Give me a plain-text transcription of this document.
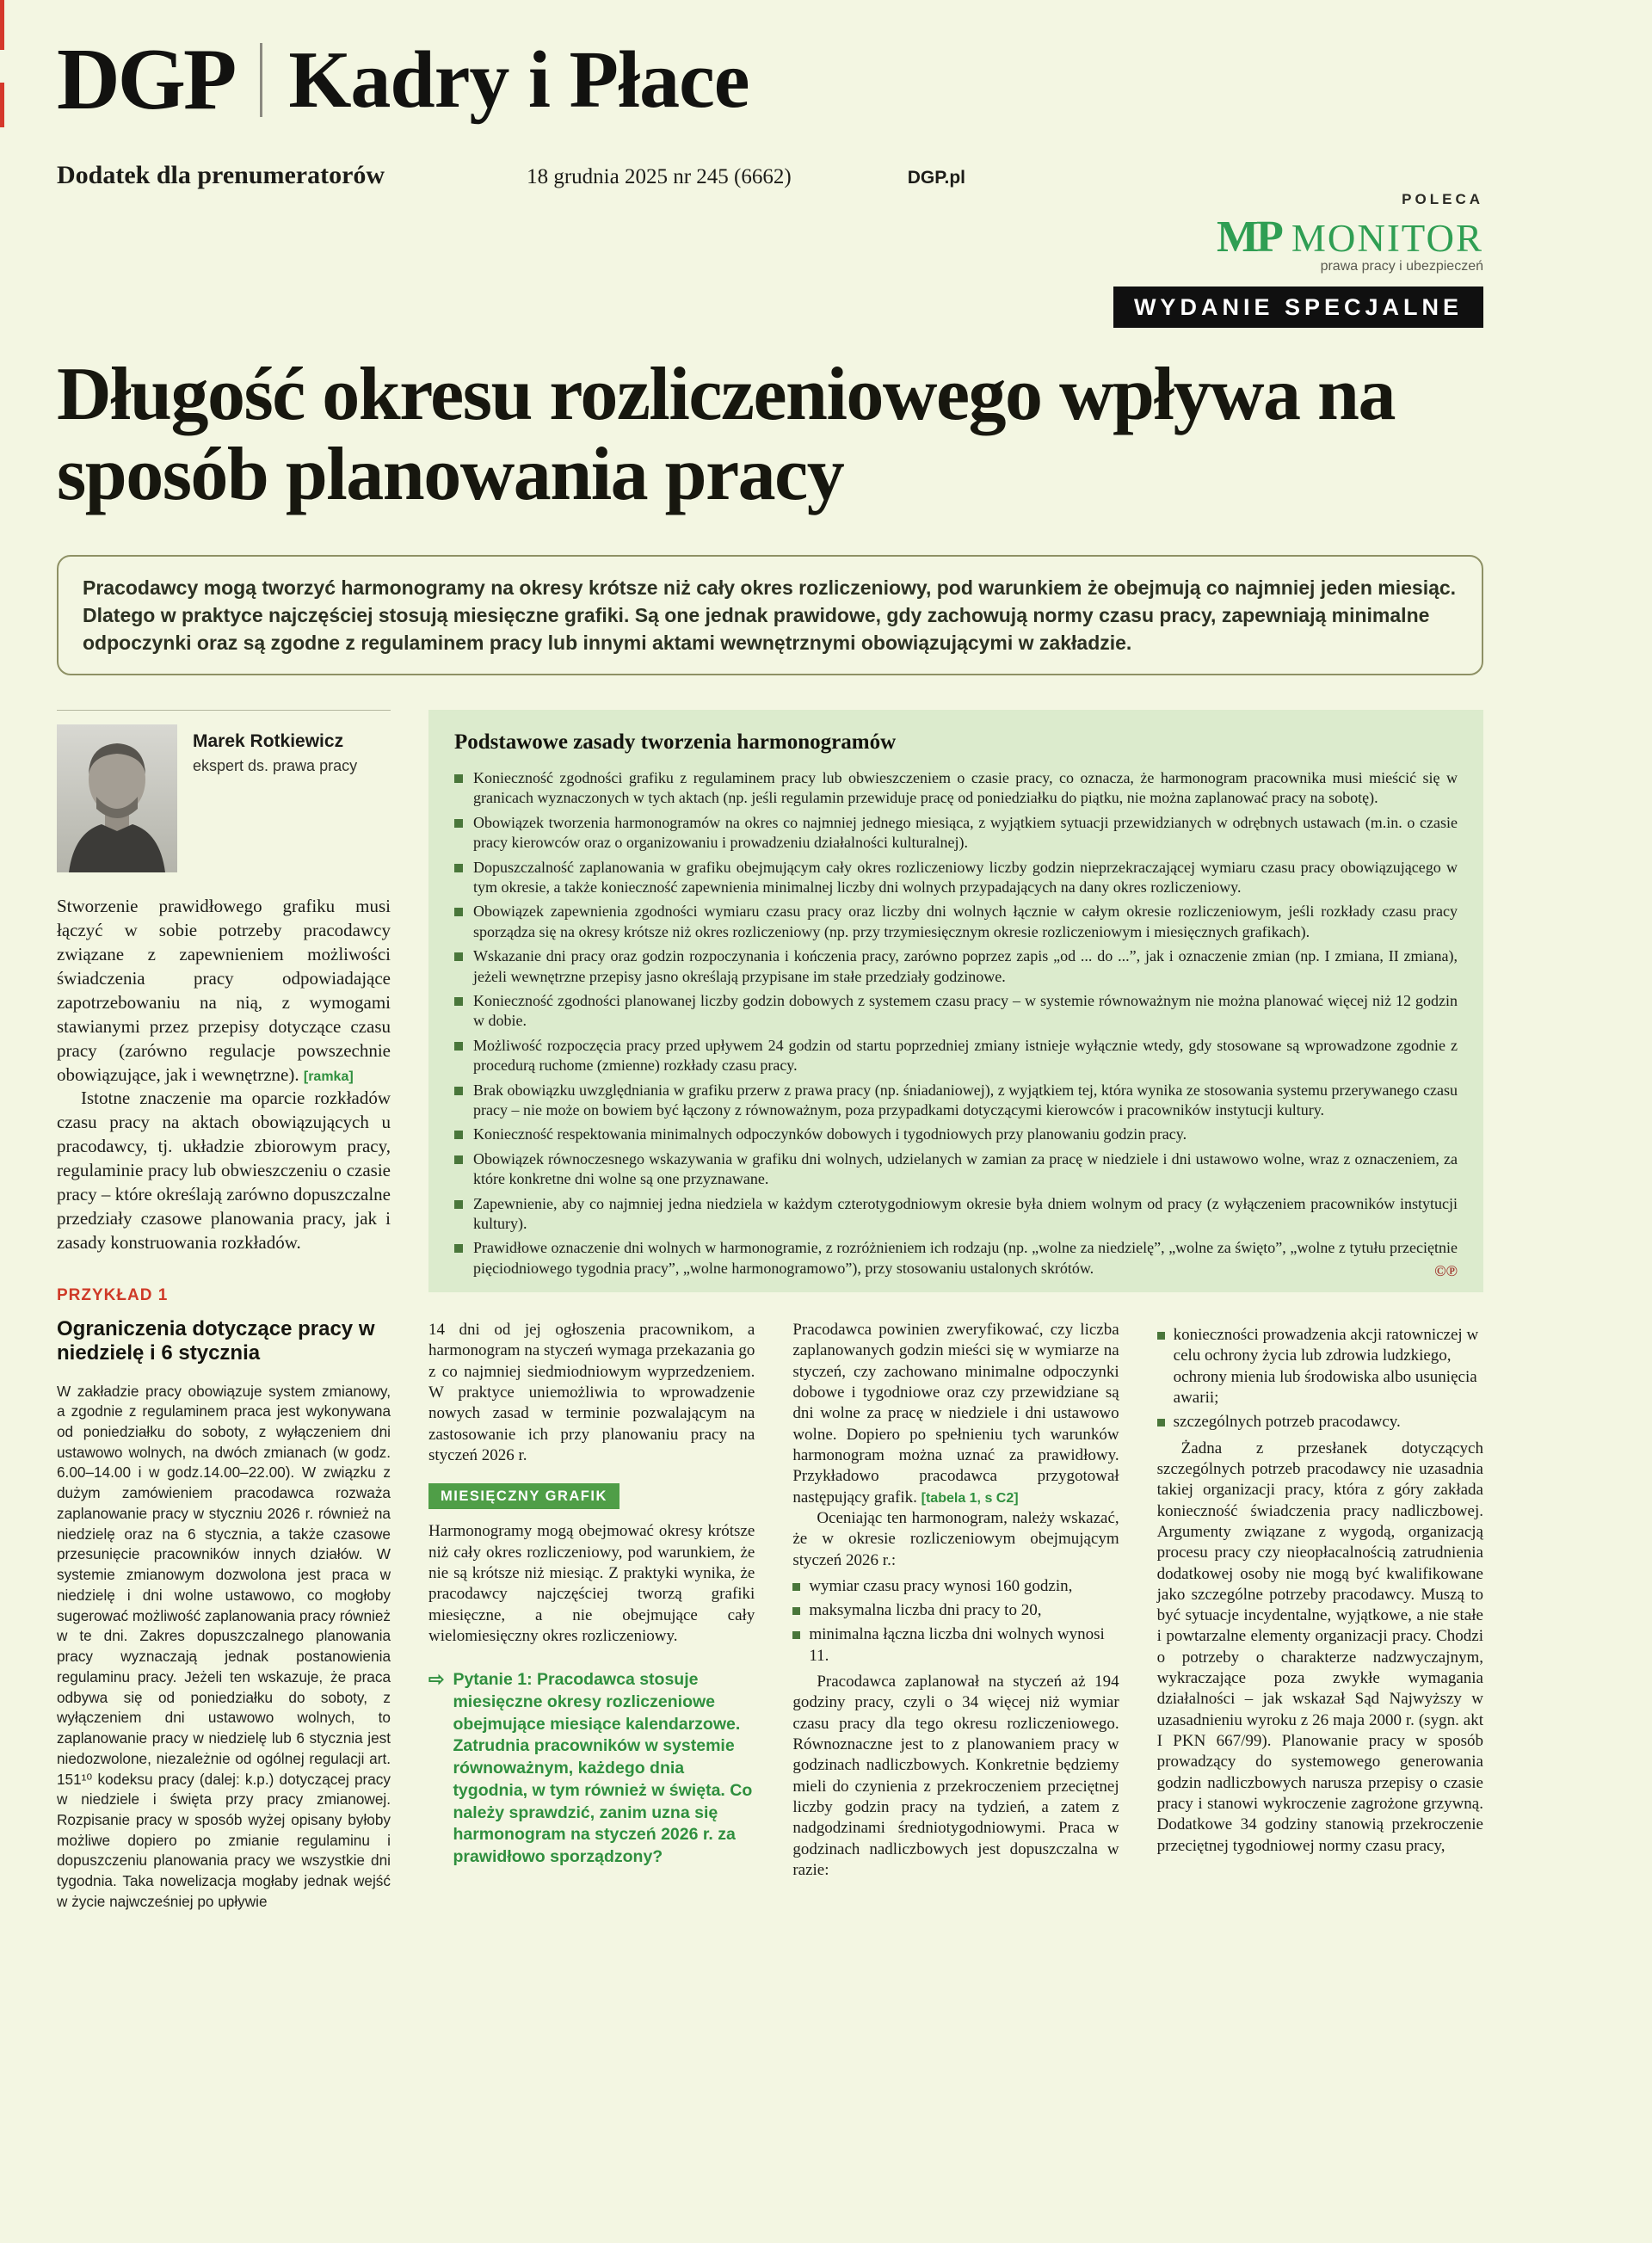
DGP Kadry i Płace
Dodatek dla prenumeratorów	18 grudnia 2025 nr 245 (6662)	DGP.pl
POLECA
MP MONITOR
prawa pracy i ubezpieczeń
WYDANIE SPECJALNE
Długość okresu rozliczeniowego wpływa na sposób planowania pracy
Pracodawcy mogą tworzyć harmonogramy na okresy krótsze niż cały okres rozliczeniowy, pod warunkiem że obejmują co najmniej jeden miesiąc. Dlatego w praktyce najczęściej stosują miesięczne grafiki. Są one jednak prawidowe, gdy zachowują normy czasu pracy, zapewniają minimalne odpoczynki oraz są zgodne z regulaminem pracy lub innymi aktami wewnętrznymi obowiązującymi w zakładzie.
Marek Rotkiewicz
ekspert ds. prawa pracy

Stworzenie prawidłowego grafiku musi łączyć w sobie potrzeby pracodawcy związane z zapewnieniem możliwości świadczenia pracy odpowiadające zapotrzebowaniu na nią, z wymogami stawianymi przez przepisy dotyczące czasu pracy (zarówno regulacje powszechnie obowiązujące, jak i wewnętrzne). [ramka]

Istotne znaczenie ma oparcie rozkładów czasu pracy na aktach obowiązujących u pracodawcy, tj. układzie zbiorowym pracy, regulaminie pracy lub obwieszczeniu o czasie pracy – które określają zarówno dopuszczalne przedziały czasowe planowania pracy, jak i zasady konstruowania rozkładów.

PRZYKŁAD 1
Ograniczenia dotyczące pracy w niedzielę i 6 stycznia
W zakładzie pracy obowiązuje system zmianowy, a zgodnie z regulaminem praca jest wykonywana od poniedziałku do soboty, z wyłączeniem dni ustawowo wolnych, na dwóch zmianach (w godz. 6.00–14.00 i w godz.14.00–22.00). W związku z dużym zamówieniem pracodawca rozważa zaplanowanie pracy w styczniu 2026 r. również na niedzielę oraz na 6 stycznia, a także czasowe przesunięcie pracowników innych działów. W systemie zmianowym dozwolona jest praca w niedzielę i dni wolne ustawowo, co mogłoby sugerować możliwość zaplanowania pracy również w te dni. Zakres dopuszczalnego planowania pracy wyznaczają jednak postanowienia regulaminu pracy. Jeżeli ten wskazuje, że praca odbywa się od poniedziałku do soboty, z wyłączeniem dni ustawowo wolnych, to zaplanowanie pracy w niedzielę lub 6 stycznia jest niedozwolone, niezależnie od ogólnej regulacji art. 151¹⁰ kodeksu pracy (dalej: k.p.) dotyczącej pracy w niedziele i święta przy pracy zmianowej. Rozpisanie pracy w sposób wyżej opisany byłoby możliwe dopiero po zmianie regulaminu i dopuszczeniu planowania pracy we wszystkie dni tygodnia. Taka nowelizacja mogłaby jednak wejść w życie najwcześniej po upływie
Podstawowe zasady tworzenia harmonogramów
Konieczność zgodności grafiku z regulaminem pracy lub obwieszczeniem o czasie pracy, co oznacza, że harmonogram pracownika musi mieścić się w granicach wyznaczonych w tych aktach (np. jeśli regulamin przewiduje pracę od poniedziałku do piątku, nie można zaplanować pracy na sobotę).
Obowiązek tworzenia harmonogramów na okres co najmniej jednego miesiąca, z wyjątkiem sytuacji przewidzianych w odrębnych ustawach (m.in. o czasie pracy kierowców oraz o organizowaniu i prowadzeniu działalności kulturalnej).
Dopuszczalność zaplanowania w grafiku obejmującym cały okres rozliczeniowy liczby godzin nieprzekraczającej wymiaru czasu pracy obowiązującego w tym okresie, a także konieczność zapewnienia minimalnej liczby dni wolnych przypadających na dany okres rozliczeniowy.
Obowiązek zapewnienia zgodności wymiaru czasu pracy oraz liczby dni wolnych łącznie w całym okresie rozliczeniowym, jeśli rozkłady czasu pracy sporządza się na okresy krótsze niż okres rozliczeniowy (np. przy trzymiesięcznym okresie rozliczeniowym i miesięcznych grafikach).
Wskazanie dni pracy oraz godzin rozpoczynania i kończenia pracy, zarówno poprzez zapis „od ... do ...”, jak i oznaczenie zmian (np. I zmiana, II zmiana), jeżeli wewnętrzne przepisy jasno określają przypisane im stałe przedziały godzinowe.
Konieczność zgodności planowanej liczby godzin dobowych z systemem czasu pracy – w systemie równoważnym nie można planować więcej niż 12 godzin w dobie.
Możliwość rozpoczęcia pracy przed upływem 24 godzin od startu poprzedniej zmiany istnieje wyłącznie wtedy, gdy stosowane są wprowadzone zgodnie z procedurą ruchome (zmienne) rozkłady czasu pracy.
Brak obowiązku uwzględniania w grafiku przerw z prawa pracy (np. śniadaniowej), z wyjątkiem tej, która wynika ze stosowania systemu przerywanego czasu pracy – nie może on bowiem być łączony z równoważnym, poza przypadkami dotyczącymi kierowców i pracowników instytucji kultury.
Konieczność respektowania minimalnych odpoczynków dobowych i tygodniowych przy planowaniu godzin pracy.
Obowiązek równoczesnego wskazywania w grafiku dni wolnych, udzielanych w zamian za pracę w niedziele i dni ustawowo wolne, wraz z oznaczeniem, za które konkretne dni wolne są one przyznawane.
Zapewnienie, aby co najmniej jedna niedziela w każdym czterotygodniowym okresie była dniem wolnym od pracy (z wyłączeniem pracowników instytucji kultury).
Prawidłowe oznaczenie dni wolnych w harmonogramie, z rozróżnieniem ich rodzaju (np. „wolne za niedzielę”, „wolne za święto”, „wolne z tytułu przeciętnie pięciodniowego tygodnia pracy”, „wolne harmonogramowo”), przy stosowaniu ustalonych skrótów.	©℗

14 dni od jej ogłoszenia pracownikom, a harmonogram na styczeń wymaga przekazania go z co najmniej siedmiodniowym wyprzedzeniem. W praktyce uniemożliwia to wprowadzenie nowych zasad w terminie pozwalającym na zastosowanie ich przy planowaniu pracy na styczeń 2026 r.

MIESIĘCZNY GRAFIK

Harmonogramy mogą obejmować okresy krótsze niż cały okres rozliczeniowy, pod warunkiem, że nie są krótsze niż miesiąc. Z praktyki wynika, że pracodawcy najczęściej tworzą grafiki miesięczne, a nie obejmujące cały wielomiesięczny okres rozliczeniowy.

⇨ Pytanie 1: Pracodawca stosuje miesięczne okresy rozliczeniowe obejmujące miesiące kalendarzowe. Zatrudnia pracowników w systemie równoważnym, każdego dnia tygodnia, w tym również w święta. Co należy sprawdzić, zanim uzna się harmonogram na styczeń 2026 r. za prawidłowo sporządzony?

Pracodawca powinien zweryfikować, czy liczba zaplanowanych godzin mieści się w wymiarze na styczeń, czy zachowano minimalne odpoczynki dobowe i tygodniowe oraz czy przewidziane są dni wolne za pracę w niedziele i dni ustawowo wolne. Dopiero po spełnieniu tych warunków harmonogram można uznać za prawidłowy. Przykładowo pracodawca przygotował następujący grafik. [tabela 1, s C2]

Oceniając ten harmonogram, należy wskazać, że w okresie rozliczeniowym obejmującym styczeń 2026 r.:

wymiar czasu pracy wynosi 160 godzin,
maksymalna liczba dni pracy to 20,
minimalna łączna liczba dni wolnych wynosi 11.

Pracodawca zaplanował na styczeń aż 194 godziny pracy, czyli o 34 więcej niż wymiar czasu pracy dla tego okresu rozliczeniowego. Równoznaczne jest to z planowaniem pracy w godzinach nadliczbowych. Konkretnie będziemy mieli do czynienia z przekroczeniem przeciętnej liczby godzin pracy na tydzień, a zatem z nadgodzinami średniotygodniowymi. Praca w godzinach nadliczbowych jest dopuszczalna w razie:

konieczności prowadzenia akcji ratowniczej w celu ochrony życia lub zdrowia ludzkiego, ochrony mienia lub środowiska albo usunięcia awarii;
szczególnych potrzeb pracodawcy.

Żadna z przesłanek dotyczących szczególnych potrzeb pracodawcy nie uzasadnia takiej organizacji pracy, która z góry zakłada konieczność świadczenia pracy nadliczbowej. Argumenty związane z wygodą, organizacją procesu pracy czy nieopłacalnością zatrudnienia dodatkowej osoby nie mogą być kwalifikowane jako szczególne potrzeby pracodawcy. Muszą to być sytuacje incydentalne, wyjątkowe, a nie stałe i powtarzalne elementy organizacji pracy. Chodzi o potrzeby o charakterze nadzwyczajnym, wykraczające poza zwykłe wymagania działalności – jak wskazał Sąd Najwyższy w uzasadnieniu wyroku z 26 maja 2000 r. (sygn. akt I PKN 667/99). Planowanie pracy w sposób prowadzący do systemowego generowania godzin nadliczbowych narusza przepisy o czasie pracy i stanowi wykroczenie zagrożone grzywną. Dodatkowe 34 godziny stanowią przekroczenie przeciętnej tygodniowej normy czasu pracy,
